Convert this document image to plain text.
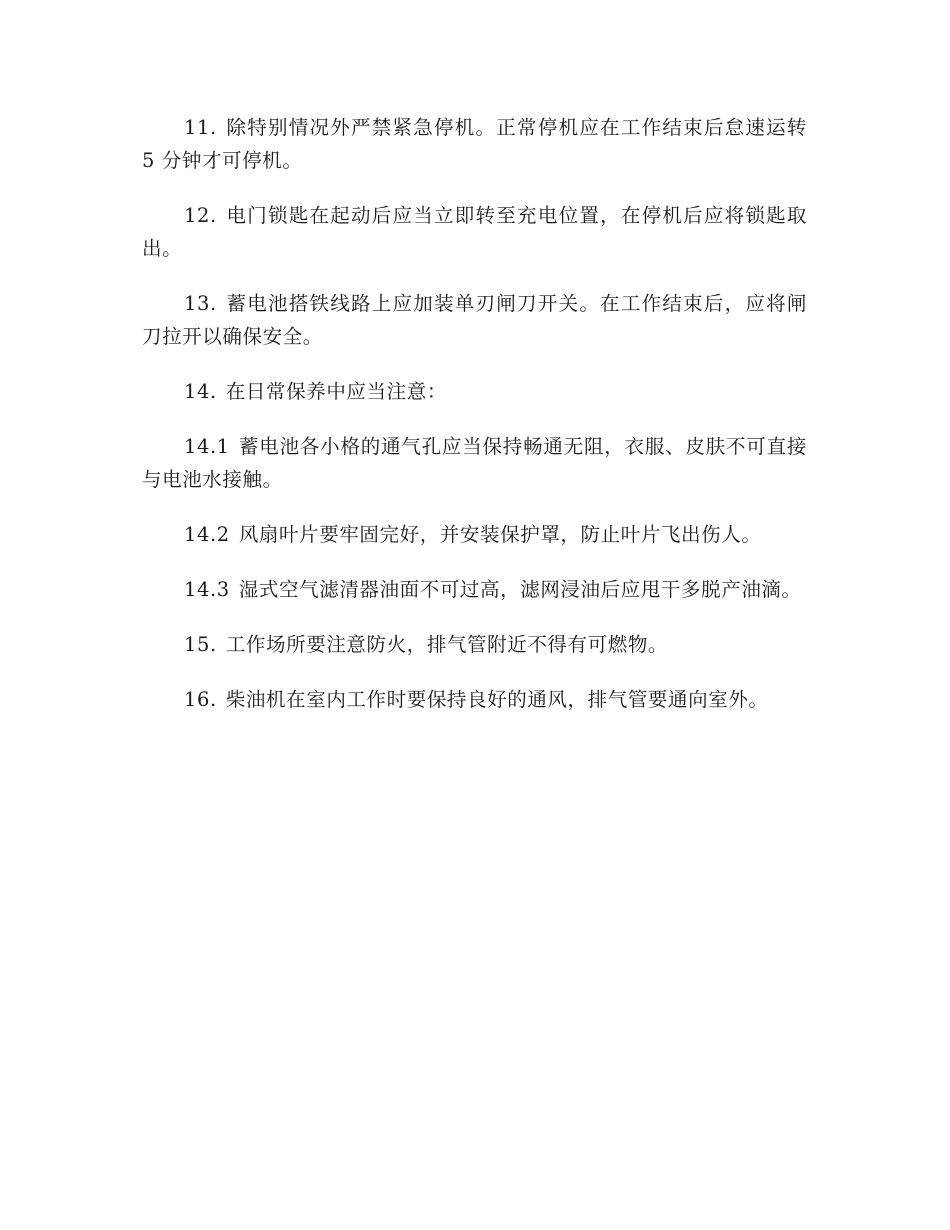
11. 除特别情况外严禁紧急停机。正常停机应在工作结束后怠速运转 5 分钟才可停机。

12. 电门锁匙在起动后应当立即转至充电位置，在停机后应将锁匙取出。

13. 蓄电池搭铁线路上应加装单刃闸刀开关。在工作结束后，应将闸刀拉开以确保安全。

14. 在日常保养中应当注意：

14.1 蓄电池各小格的通气孔应当保持畅通无阻，衣服、皮肤不可直接与电池水接触。

14.2 风扇叶片要牢固完好，并安装保护罩，防止叶片飞出伤人。

14.3 湿式空气滤清器油面不可过高，滤网浸油后应甩干多脱产油滴。

15. 工作场所要注意防火，排气管附近不得有可燃物。

16. 柴油机在室内工作时要保持良好的通风，排气管要通向室外。
